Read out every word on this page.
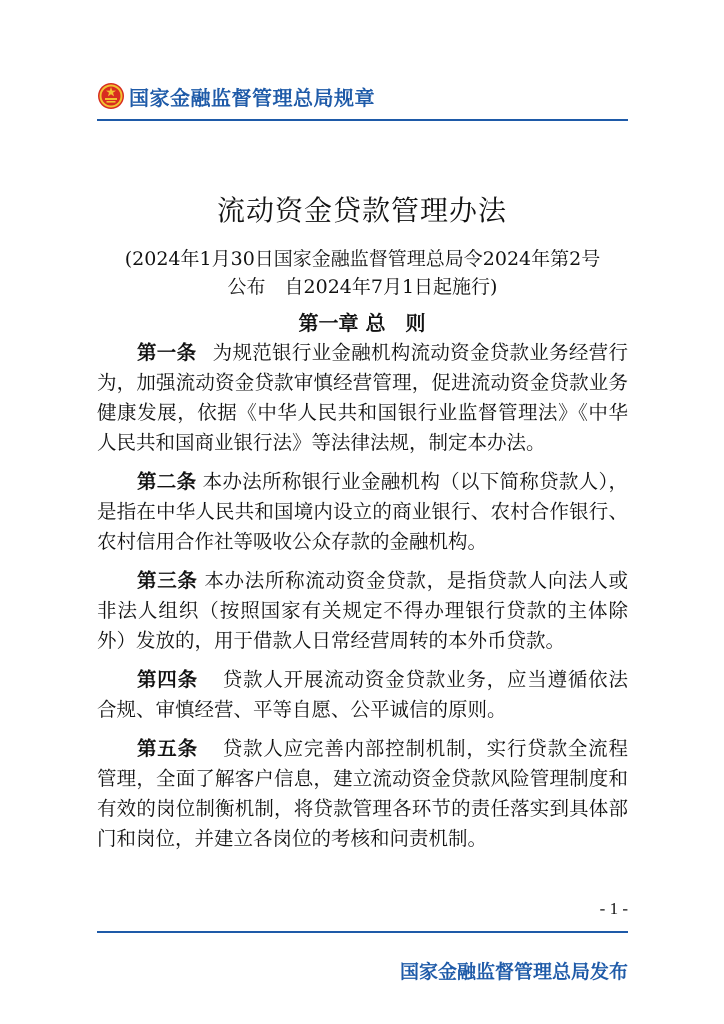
国家金融监督管理总局规章
流动资金贷款管理办法
(2024年1月30日国家金融监督管理总局令2024年第2号
公布　自2024年7月1日起施行)
第一章 总　则

第一条 为规范银行业金融机构流动资金贷款业务经营行为，加强流动资金贷款审慎经营管理，促进流动资金贷款业务健康发展，依据《中华人民共和国银行业监督管理法》《中华人民共和国商业银行法》等法律法规，制定本办法。

第二条 本办法所称银行业金融机构（以下简称贷款人），是指在中华人民共和国境内设立的商业银行、农村合作银行、农村信用合作社等吸收公众存款的金融机构。

第三条 本办法所称流动资金贷款，是指贷款人向法人或非法人组织（按照国家有关规定不得办理银行贷款的主体除外）发放的，用于借款人日常经营周转的本外币贷款。

第四条 贷款人开展流动资金贷款业务，应当遵循依法合规、审慎经营、平等自愿、公平诚信的原则。

第五条 贷款人应完善内部控制机制，实行贷款全流程管理，全面了解客户信息，建立流动资金贷款风险管理制度和有效的岗位制衡机制，将贷款管理各环节的责任落实到具体部门和岗位，并建立各岗位的考核和问责机制。

- 1 -
国家金融监督管理总局发布
